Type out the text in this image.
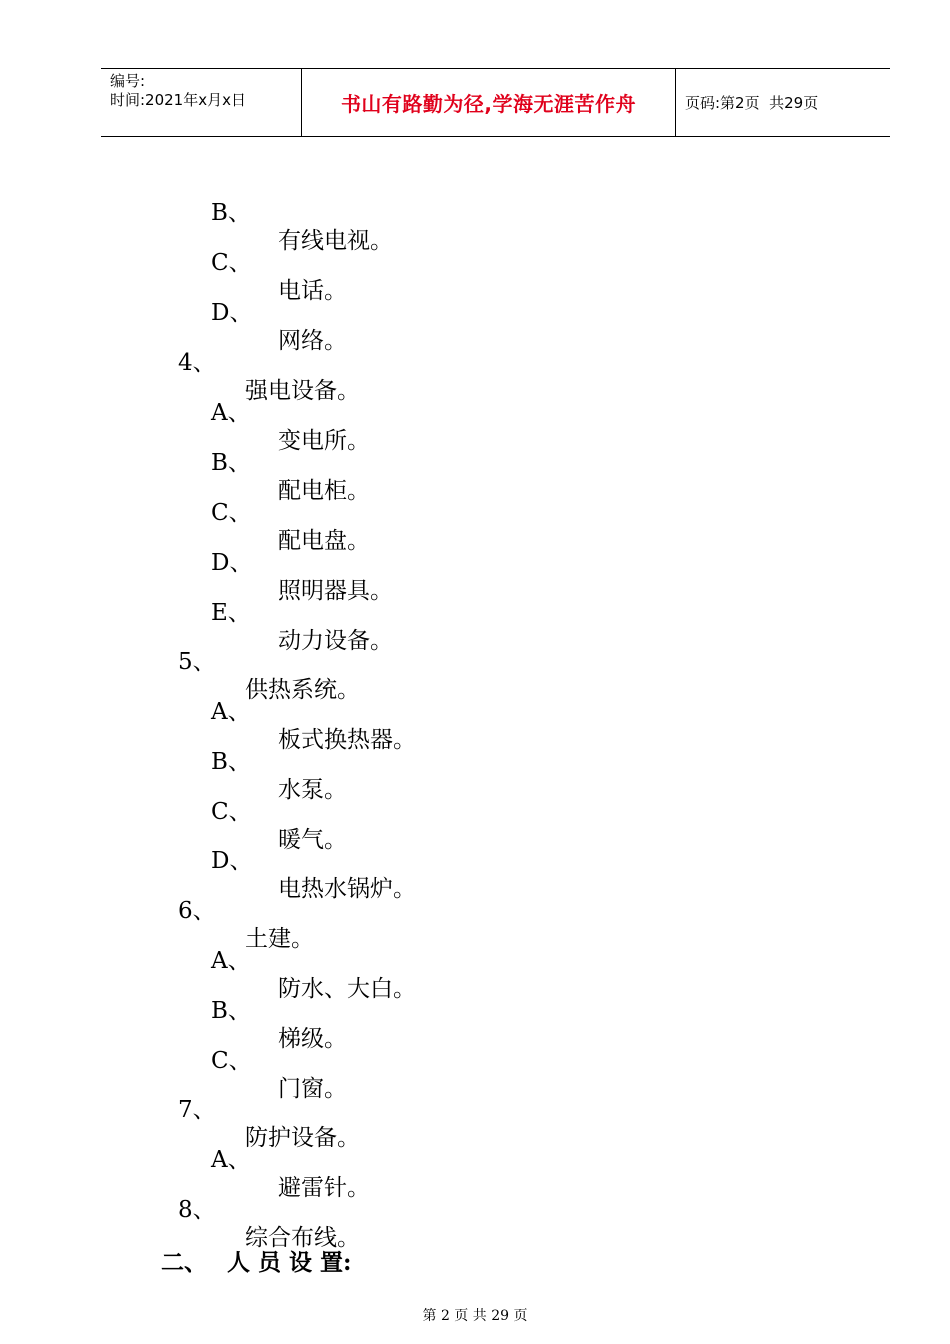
编号:
时间:2021年x月x日	书山有路勤为径,学海无涯苦作舟	页码:第2页  共29页

B、

有线电视。

C、

电话。

D、

网络。

4、

强电设备。

A、

变电所。

B、

配电柜。

C、

配电盘。

D、

照明器具。

E、

动力设备。

5、

供热系统。

A、

板式换热器。

B、

水泵。

C、

暖气。

D、

电热水锅炉。

6、

土建。

A、

防水、大白。

B、

梯级。

C、

门窗。

7、

防护设备。

A、

避雷针。

8、

综合布线。

二、 人 员 设 置:

第 2 页 共 29 页
